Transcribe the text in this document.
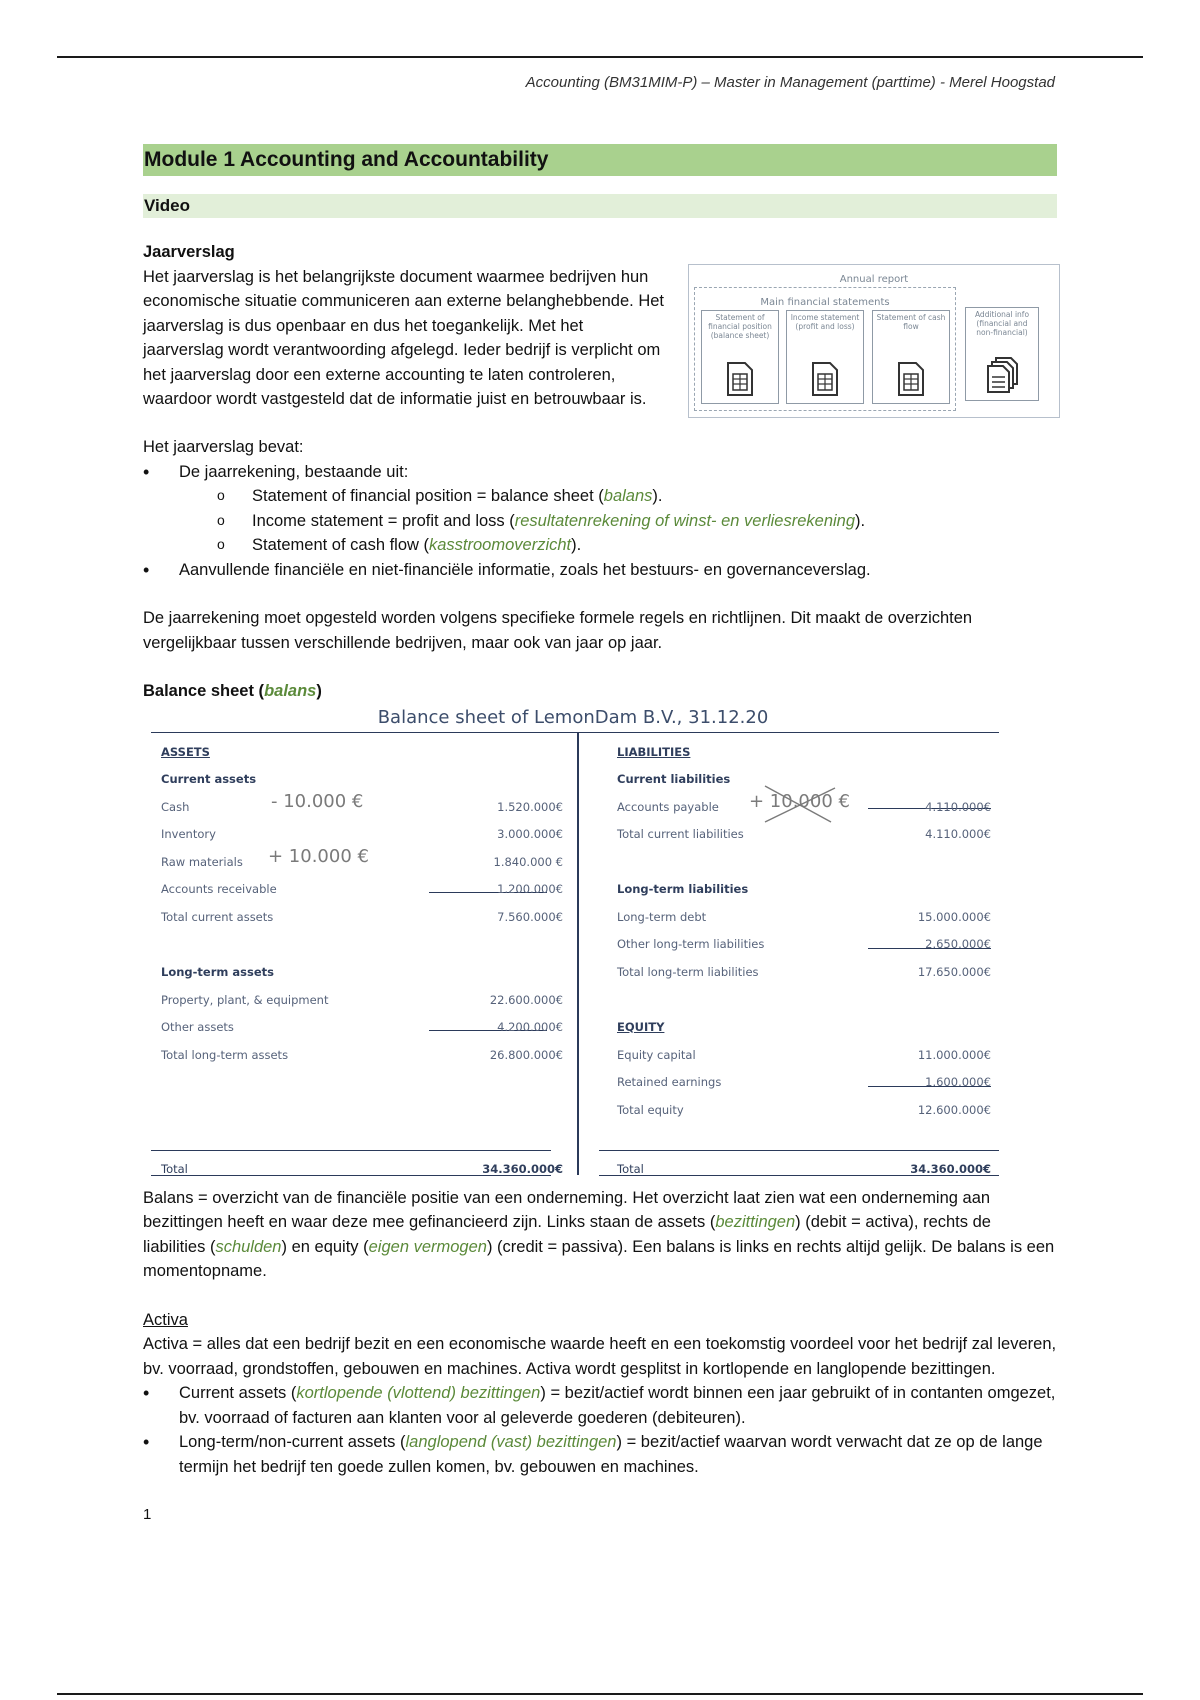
Accounting (BM31MIM-P) – Master in Management (parttime) - Merel Hoogstad
Module 1 Accounting and Accountability
Video

Jaarverslag

Het jaarverslag is het belangrijkste document waarmee bedrijven hun economische situatie communiceren aan externe belanghebbende. Het jaarverslag is dus openbaar en dus het toegankelijk. Met het jaarverslag wordt verantwoording afgelegd. Ieder bedrijf is verplicht om het jaarverslag door een externe accounting te laten controleren, waardoor wordt vastgesteld dat de informatie juist en betrouwbaar is.

Annual report
Main financial statements
Statement of financial position (balance sheet)
Income statement (profit and loss)
Statement of cash flow
Additional info (financial and non-financial)

Het jaarverslag bevat:

• De jaarrekening, bestaande uit:
o Statement of financial position = balance sheet (balans).
o Income statement = profit and loss (resultatenrekening of winst- en verliesrekening).
o Statement of cash flow (kasstroomoverzicht).
• Aanvullende financiële en niet-financiële informatie, zoals het bestuurs- en governanceverslag.

De jaarrekening moet opgesteld worden volgens specifieke formele regels en richtlijnen. Dit maakt de overzichten vergelijkbaar tussen verschillende bedrijven, maar ook van jaar op jaar.

Balance sheet (balans)

Balance sheet of LemonDam B.V., 31.12.20
ASSETS
Current assets
Cash	1.520.000€
Inventory	3.000.000€
Raw materials	1.840.000 €
Accounts receivable	1.200.000€
Total current assets	7.560.000€
Long-term assets
Property, plant, & equipment	22.600.000€
Other assets	4.200.000€
Total long-term assets	26.800.000€
Total	34.360.000€
- 10.000 €
+ 10.000 €
LIABILITIES
Current liabilities
Accounts payable	4.110.000€
Total current liabilities	4.110.000€
+ 10.000 €
Long-term liabilities
Long-term debt	15.000.000€
Other long-term liabilities	2.650.000€
Total long-term liabilities	17.650.000€
EQUITY
Equity capital	11.000.000€
Retained earnings	1.600.000€
Total equity	12.600.000€
Total	34.360.000€

Balans = overzicht van de financiële positie van een onderneming. Het overzicht laat zien wat een onderneming aan bezittingen heeft en waar deze mee gefinancieerd zijn. Links staan de assets (bezittingen) (debit = activa), rechts de liabilities (schulden) en equity (eigen vermogen) (credit = passiva). Een balans is links en rechts altijd gelijk. De balans is een momentopname.

Activa

Activa = alles dat een bedrijf bezit en een economische waarde heeft en een toekomstig voordeel voor het bedrijf zal leveren, bv. voorraad, grondstoffen, gebouwen en machines. Activa wordt gesplitst in kortlopende en langlopende bezittingen.

• Current assets (kortlopende (vlottend) bezittingen) = bezit/actief wordt binnen een jaar gebruikt of in contanten omgezet, bv. voorraad of facturen aan klanten voor al geleverde goederen (debiteuren).
• Long-term/non-current assets (langlopend (vast) bezittingen) = bezit/actief waarvan wordt verwacht dat ze op de lange termijn het bedrijf ten goede zullen komen, bv. gebouwen en machines.

1
